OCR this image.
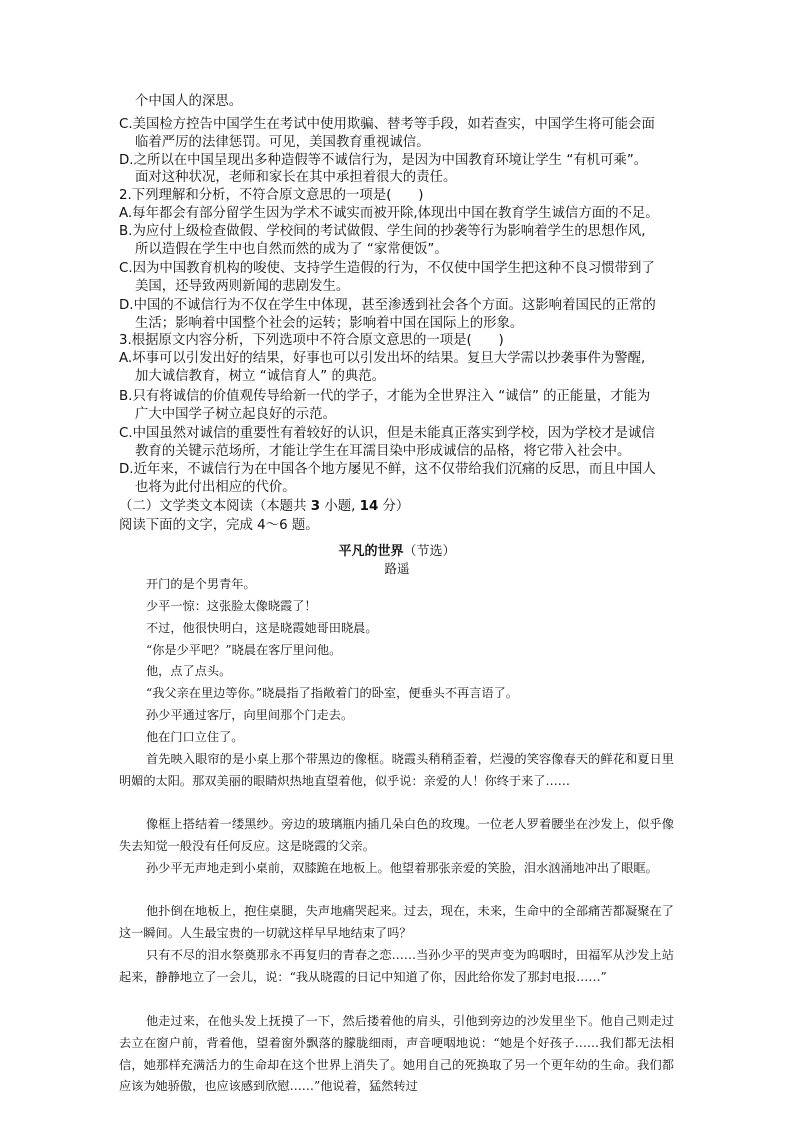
个中国人的深思。
C.美国检方控告中国学生在考试中使用欺骗、替考等手段，如若查实，中国学生将可能会面
临着严厉的法律惩罚。可见，美国教育重视诚信。
D.之所以在中国呈现出多种造假等不诚信行为，是因为中国教育环境让学生 “有机可乘”。
面对这种状况，老师和家长在其中承担着很大的责任。
2.下列理解和分析，不符合原文意思的一项是(　　)
A.每年都会有部分留学生因为学术不诚实而被开除,体现出中国在教育学生诚信方面的不足。
B.为应付上级检查做假、学校间的考试做假、学生间的抄袭等行为影响着学生的思想作风,
所以造假在学生中也自然而然的成为了 “家常便饭”。
C.因为中国教育机构的唆使、支持学生造假的行为，不仅使中国学生把这种不良习惯带到了
美国，还导致两则新闻的悲剧发生。
D.中国的不诚信行为不仅在学生中体现，甚至渗透到社会各个方面。这影响着国民的正常的
生活；影响着中国整个社会的运转；影响着中国在国际上的形象。
3.根据原文内容分析，下列选项中不符合原文意思的一项是(　　)
A.坏事可以引发出好的结果，好事也可以引发出坏的结果。复旦大学需以抄袭事件为警醒,
加大诚信教育，树立 “诚信育人” 的典范。
B.只有将诚信的价值观传导给新一代的学子，才能为全世界注入 “诚信” 的正能量，才能为
广大中国学子树立起良好的示范。
C.中国虽然对诚信的重要性有着较好的认识，但是未能真正落实到学校，因为学校才是诚信
教育的关键示范场所，才能让学生在耳濡目染中形成诚信的品格，将它带入社会中。
D.近年来，不诚信行为在中国各个地方屡见不鲜，这不仅带给我们沉痛的反思，而且中国人
也将为此付出相应的代价。
（二）文学类文本阅读（本题共 3 小题, 14 分）
阅读下面的文字，完成 4～6 题。
平凡的世界（节选）
路遥

开门的是个男青年。

少平一惊：这张脸太像晓霞了！

不过，他很快明白，这是晓霞她哥田晓晨。

“你是少平吧？”晓晨在客厅里问他。

他，点了点头。

“我父亲在里边等你。”晓晨指了指敞着门的卧室，便垂头不再言语了。

孙少平通过客厅，向里间那个门走去。

他在门口立住了。

首先映入眼帘的是小桌上那个带黑边的像框。晓霞头稍稍歪着，烂漫的笑容像春天的鲜花和夏日里明媚的太阳。那双美丽的眼睛炽热地直望着他，似乎说：亲爱的人！你终于来了……

像框上搭结着一缕黑纱。旁边的玻璃瓶内插几朵白色的玫瑰。一位老人罗着腰坐在沙发上，似乎像失去知觉一般没有任何反应。这是晓霞的父亲。

孙少平无声地走到小桌前，双膝跪在地板上。他望着那张亲爱的笑脸，泪水汹涌地冲出了眼眶。

他扑倒在地板上，抱住桌腿，失声地痛哭起来。过去，现在，未来，生命中的全部痛苦都凝聚在了这一瞬间。人生最宝贵的一切就这样早早地结束了吗？

只有不尽的泪水祭奠那永不再复归的青春之恋……当孙少平的哭声变为呜咽时，田福军从沙发上站起来，静静地立了一会儿，说：“我从晓霞的日记中知道了你，因此给你发了那封电报……”

他走过来，在他头发上抚摸了一下，然后搂着他的肩头，引他到旁边的沙发里坐下。他自己则走过去立在窗户前，背着他，望着窗外飘落的朦胧细雨，声音哽咽地说：“她是个好孩子……我们都无法相信，她那样充满活力的生命却在这个世界上消失了。她用自己的死换取了另一个更年幼的生命。我们都应该为她骄傲，也应该感到欣慰……”他说着，猛然转过
